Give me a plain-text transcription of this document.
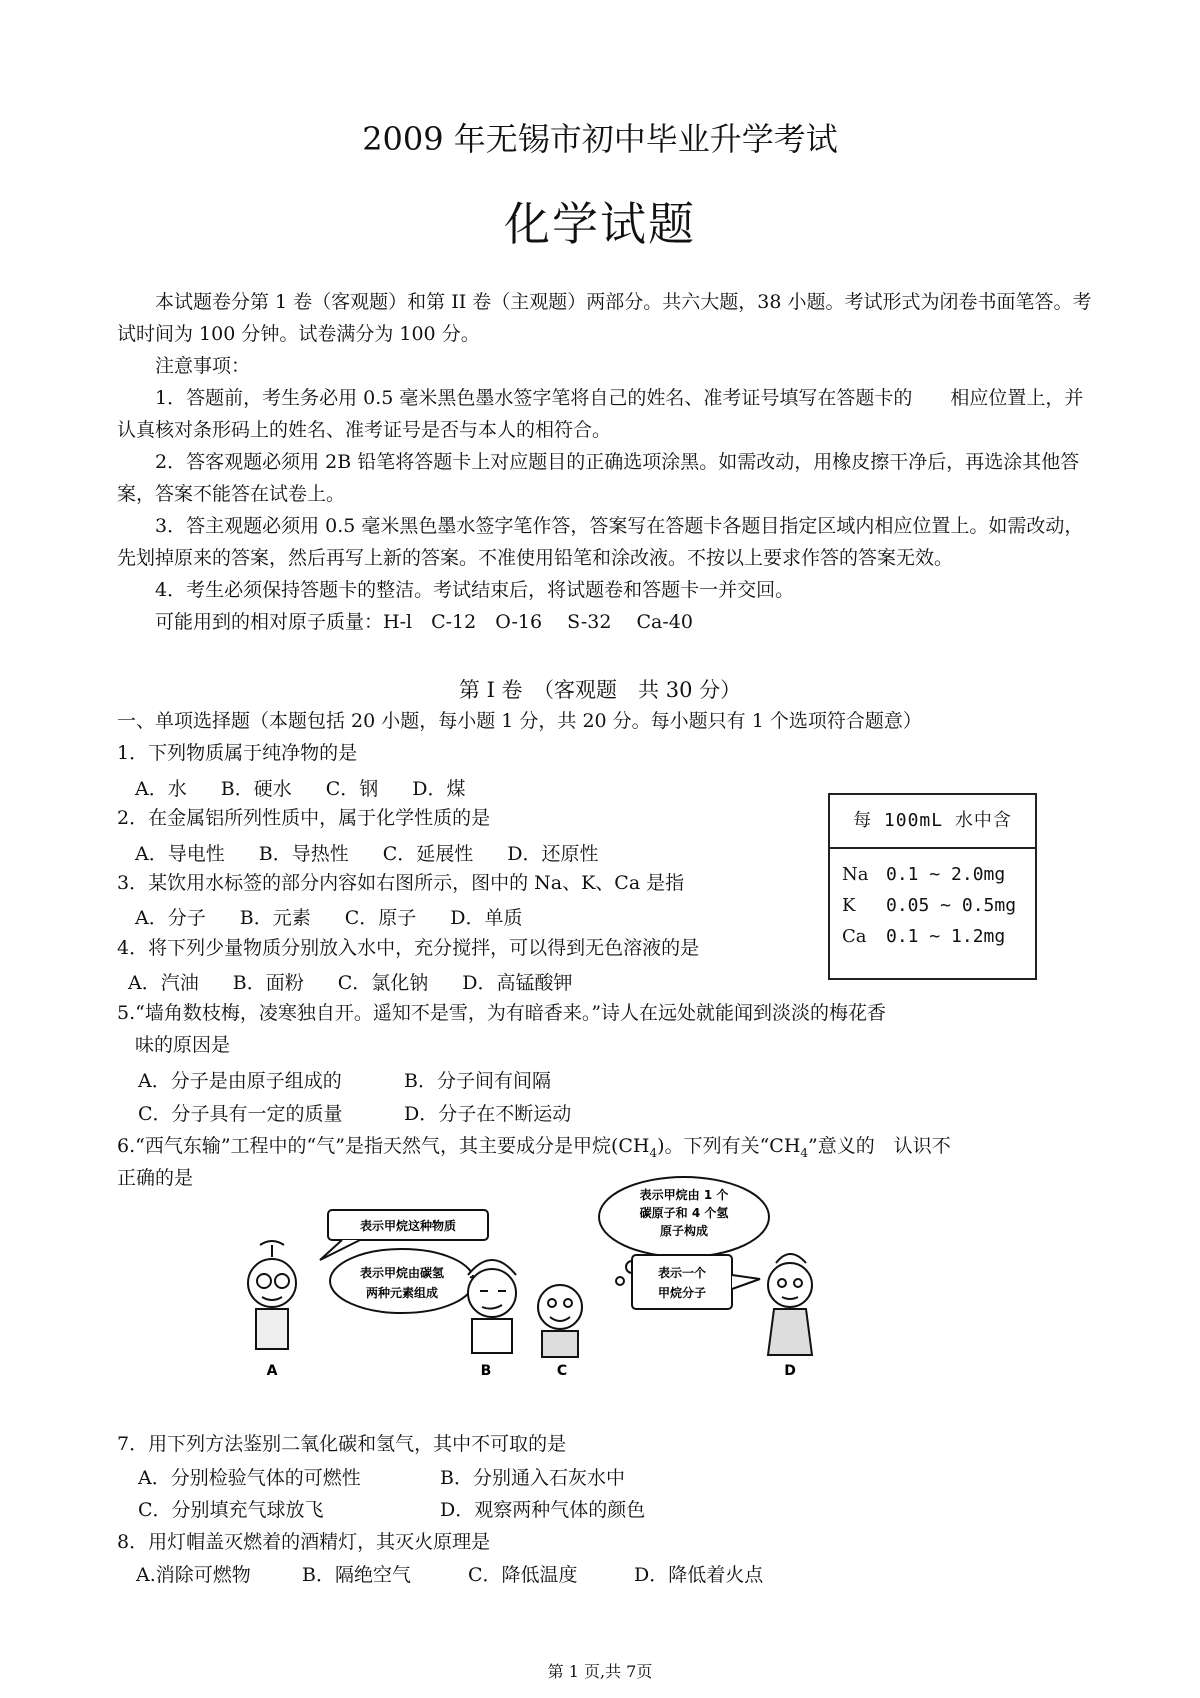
2009 年无锡市初中毕业升学考试
化学试题

本试题卷分第 1 卷（客观题）和第 II 卷（主观题）两部分。共六大题，38 小题。考试形式为闭卷书面笔答。考试时间为 100 分钟。试卷满分为 100 分。

注意事项：

1．答题前，考生务必用 0.5 毫米黑色墨水签字笔将自己的姓名、准考证号填写在答题卡的　　相应位置上，并认真核对条形码上的姓名、准考证号是否与本人的相符合。

2．答客观题必须用 2B 铅笔将答题卡上对应题目的正确选项涂黑。如需改动，用橡皮擦干净后，再选涂其他答案，答案不能答在试卷上。

3．答主观题必须用 0.5 毫米黑色墨水签字笔作答，答案写在答题卡各题目指定区域内相应位置上。如需改动，先划掉原来的答案，然后再写上新的答案。不准使用铅笔和涂改液。不按以上要求作答的答案无效。

4．考生必须保持答题卡的整洁。考试结束后，将试题卷和答题卡一并交回。

可能用到的相对原子质量：H-l　C-12　O-16　 S-32　 Ca-40

第 I 卷　（客观题　共 30 分）
一、单项选择题（本题包括 20 小题，每小题 1 分，共 20 分。每小题只有 1 个选项符合题意）
1．下列物质属于纯净物的是
A．水 B．硬水 C．钢 D．煤
2．在金属铝所列性质中，属于化学性质的是
A．导电性 B．导热性 C．延展性 D．还原性
3．某饮用水标签的部分内容如右图所示，图中的 Na、K、Ca 是指
A．分子 B．元素 C．原子 D．单质
4．将下列少量物质分别放入水中，充分搅拌，可以得到无色溶液的是
A．汽油 B．面粉 C．氯化钠 D．高锰酸钾
每 100mL 水中含
Na 0.1 ~ 2.0mg
K 0.05 ~ 0.5mg
Ca 0.1 ~ 1.2mg
5.“墙角数枝梅，凌寒独自开。遥知不是雪，为有暗香来。”诗人在远处就能闻到淡淡的梅花香
味的原因是
A．分子是由原子组成的	B．分子间有间隔
C．分子具有一定的质量	D．分子在不断运动
6.“西气东输”工程中的“气”是指天然气，其主要成分是甲烷$(CH_4)$。下列有关“$CH_4$”意义的　认识不
正确的是
表示甲烷这种物质
表示甲烷由碳氢
两种元素组成
表示甲烷由 1 个
碳原子和 4 个氢
原子构成
表示一个
甲烷分子
A	B	C	D
7．用下列方法鉴别二氧化碳和氢气，其中不可取的是
A．分别检验气体的可燃性	B．分别通入石灰水中
C．分别填充气球放飞	D．观察两种气体的颜色
8．用灯帽盖灭燃着的酒精灯，其灭火原理是
A.消除可燃物	B．隔绝空气	C．降低温度	D．降低着火点
第 1 页,共 7页
